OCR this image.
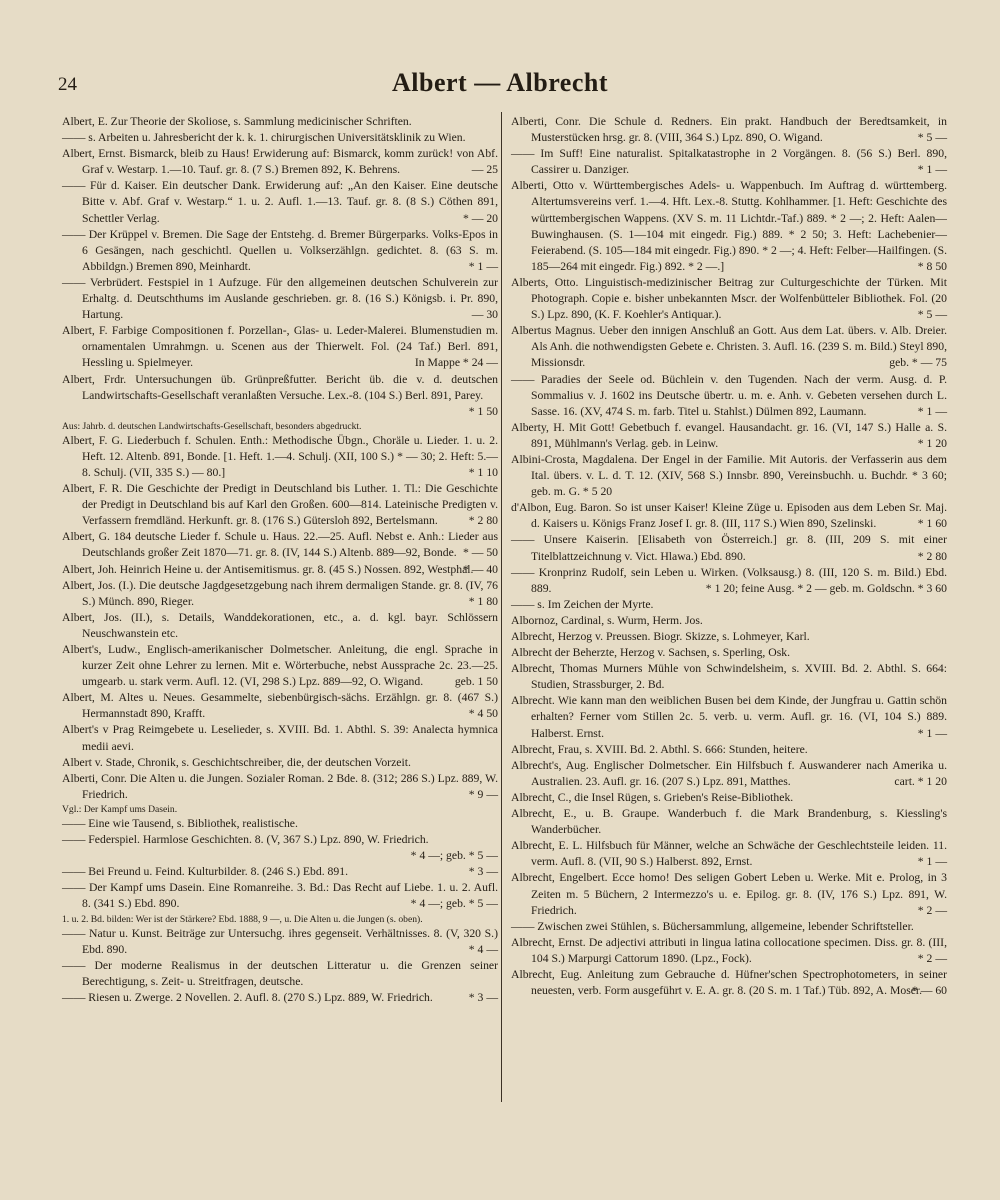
24	Albert — Albrecht

Albert, E. Zur Theorie der Skoliose, s. Sammlung medicinischer Schriften.

—— s. Arbeiten u. Jahresbericht der k. k. 1. chirurgischen Universitätsklinik zu Wien.

Albert, Ernst. Bismarck, bleib zu Haus! Erwiderung auf: Bismarck, komm zurück! von Abf. Graf v. Westarp. 1.—10. Tauf. gr. 8. (7 S.) Bremen 892, K. Behrens.	— 25

—— Für d. Kaiser. Ein deutscher Dank. Erwiderung auf: „An den Kaiser. Eine deutsche Bitte v. Abf. Graf v. Westarp.“ 1. u. 2. Aufl. 1.—13. Tauf. gr. 8. (8 S.) Cöthen 891, Schettler Verlag.	* — 20

—— Der Krüppel v. Bremen. Die Sage der Entstehg. d. Bremer Bürgerparks. Volks-Epos in 6 Gesängen, nach geschichtl. Quellen u. Volkserzählgn. gedichtet. 8. (63 S. m. Abbildgn.) Bremen 890, Meinhardt.	* 1 —

—— Verbrüdert. Festspiel in 1 Aufzuge. Für den allgemeinen deutschen Schulverein zur Erhaltg. d. Deutschthums im Auslande geschrieben. gr. 8. (16 S.) Königsb. i. Pr. 890, Hartung.	— 30

Albert, F. Farbige Compositionen f. Porzellan-, Glas- u. Leder-Malerei. Blumenstudien m. ornamentalen Umrahmgn. u. Scenen aus der Thierwelt. Fol. (24 Taf.) Berl. 891, Hessling u. Spielmeyer.	In Mappe * 24 —

Albert, Frdr. Untersuchungen üb. Grünpreßfutter. Bericht üb. die v. d. deutschen Landwirtschafts-Gesellschaft veranlaßten Versuche. Lex.-8. (104 S.) Berl. 891, Parey.
* 1 50

Aus: Jahrb. d. deutschen Landwirtschafts-Gesellschaft, besonders abgedruckt.

Albert, F. G. Liederbuch f. Schulen. Enth.: Methodische Übgn., Choräle u. Lieder. 1. u. 2. Heft. 12. Altenb. 891, Bonde. [1. Heft. 1.—4. Schulj. (XII, 100 S.) * — 30; 2. Heft: 5.—8. Schulj. (VII, 335 S.) — 80.]	* 1 10

Albert, F. R. Die Geschichte der Predigt in Deutschland bis Luther. 1. Tl.: Die Geschichte der Predigt in Deutschland bis auf Karl den Großen. 600—814. Lateinische Predigten v. Verfassern fremdländ. Herkunft. gr. 8. (176 S.) Gütersloh 892, Bertelsmann.	* 2 80

Albert, G. 184 deutsche Lieder f. Schule u. Haus. 22.—25. Aufl. Nebst e. Anh.: Lieder aus Deutschlands großer Zeit 1870—71. gr. 8. (IV, 144 S.) Altenb. 889—92, Bonde. * — 50

Albert, Joh. Heinrich Heine u. der Antisemitismus. gr. 8. (45 S.) Nossen. 892, Westphal.
* — 40

Albert, Jos. (I.). Die deutsche Jagdgesetzgebung nach ihrem dermaligen Stande. gr. 8. (IV, 76 S.) Münch. 890, Rieger.	* 1 80

Albert, Jos. (II.), s. Details, Wanddekorationen, etc., a. d. kgl. bayr. Schlössern Neuschwanstein etc.

Albert's, Ludw., Englisch-amerikanischer Dolmetscher. Anleitung, die engl. Sprache in kurzer Zeit ohne Lehrer zu lernen. Mit e. Wörterbuche, nebst Aussprache 2c. 23.—25. umgearb. u. stark verm. Aufl. 12. (VI, 298 S.) Lpz. 889—92, O. Wigand.	geb. 1 50

Albert, M. Altes u. Neues. Gesammelte, siebenbürgisch-sächs. Erzählgn. gr. 8. (467 S.) Hermannstadt 890, Krafft.	* 4 50

Albert's v Prag Reimgebete u. Leselieder, s. XVIII. Bd. 1. Abthl. S. 39: Analecta hymnica medii aevi.

Albert v. Stade, Chronik, s. Geschichtschreiber, die, der deutschen Vorzeit.

Alberti, Conr. Die Alten u. die Jungen. Sozialer Roman. 2 Bde. 8. (312; 286 S.) Lpz. 889, W. Friedrich.	* 9 —

Vgl.: Der Kampf ums Dasein.

—— Eine wie Tausend, s. Bibliothek, realistische.

—— Federspiel. Harmlose Geschichten. 8. (V, 367 S.) Lpz. 890, W. Friedrich.
* 4 —; geb. * 5 —

—— Bei Freund u. Feind. Kulturbilder. 8. (246 S.) Ebd. 891.	* 3 —

—— Der Kampf ums Dasein. Eine Romanreihe. 3. Bd.: Das Recht auf Liebe. 1. u. 2. Aufl. 8. (341 S.) Ebd. 890.	* 4 —; geb. * 5 —

1. u. 2. Bd. bilden: Wer ist der Stärkere? Ebd. 1888, 9 —, u. Die Alten u. die Jungen (s. oben).

—— Natur u. Kunst. Beiträge zur Untersuchg. ihres gegenseit. Verhältnisses. 8. (V, 320 S.) Ebd. 890.	* 4 —

—— Der moderne Realismus in der deutschen Litteratur u. die Grenzen seiner Berechtigung, s. Zeit- u. Streitfragen, deutsche.

—— Riesen u. Zwerge. 2 Novellen. 2. Aufl. 8. (270 S.) Lpz. 889, W. Friedrich.	* 3 —

Alberti, Conr. Die Schule d. Redners. Ein prakt. Handbuch der Beredtsamkeit, in Musterstücken hrsg. gr. 8. (VIII, 364 S.) Lpz. 890, O. Wigand.	* 5 —

—— Im Suff! Eine naturalist. Spitalkatastrophe in 2 Vorgängen. 8. (56 S.) Berl. 890, Cassirer u. Danziger.	* 1 —

Alberti, Otto v. Württembergisches Adels- u. Wappenbuch. Im Auftrag d. württemberg. Altertumsvereins verf. 1.—4. Hft. Lex.-8. Stuttg. Kohlhammer. [1. Heft: Geschichte des württembergischen Wappens. (XV S. m. 11 Lichtdr.-Taf.) 889. * 2 —; 2. Heft: Aalen—Buwinghausen. (S. 1—104 mit eingedr. Fig.) 889. * 2 50; 3. Heft: Lachebenier—Feierabend. (S. 105—184 mit eingedr. Fig.) 890. * 2 —; 4. Heft: Felber—Hailfingen. (S. 185—264 mit eingedr. Fig.) 892. * 2 —.]	* 8 50

Alberts, Otto. Linguistisch-medizinischer Beitrag zur Culturgeschichte der Türken. Mit Photograph. Copie e. bisher unbekannten Mscr. der Wolfenbütteler Bibliothek. Fol. (20 S.) Lpz. 890, (K. F. Koehler's Antiquar.).	* 5 —

Albertus Magnus. Ueber den innigen Anschluß an Gott. Aus dem Lat. übers. v. Alb. Dreier. Als Anh. die nothwendigsten Gebete e. Christen. 3. Aufl. 16. (239 S. m. Bild.) Steyl 890, Missionsdr.	geb. * — 75

—— Paradies der Seele od. Büchlein v. den Tugenden. Nach der verm. Ausg. d. P. Sommalius v. J. 1602 ins Deutsche übertr. u. m. e. Anh. v. Gebeten versehen durch L. Sasse. 16. (XV, 474 S. m. farb. Titel u. Stahlst.) Dülmen 892, Laumann.	* 1 —

Alberty, H. Mit Gott! Gebetbuch f. evangel. Hausandacht. gr. 16. (VI, 147 S.) Halle a. S. 891, Mühlmann's Verlag. geb. in Leinw.	* 1 20

Albini-Crosta, Magdalena. Der Engel in der Familie. Mit Autoris. der Verfasserin aus dem Ital. übers. v. L. d. T. 12. (XIV, 568 S.) Innsbr. 890, Vereinsbuchh. u. Buchdr. * 3 60; geb. m. G. * 5 20

d'Albon, Eug. Baron. So ist unser Kaiser! Kleine Züge u. Episoden aus dem Leben Sr. Maj. d. Kaisers u. Königs Franz Josef I. gr. 8. (III, 117 S.) Wien 890, Szelinski.	* 1 60

—— Unsere Kaiserin. [Elisabeth von Österreich.] gr. 8. (III, 209 S. mit einer Titelblattzeichnung v. Vict. Hlawa.) Ebd. 890.	* 2 80

—— Kronprinz Rudolf, sein Leben u. Wirken. (Volksausg.) 8. (III, 120 S. m. Bild.) Ebd. 889.	* 1 20; feine Ausg. * 2 — geb. m. Goldschn. * 3 60

—— s. Im Zeichen der Myrte.

Albornoz, Cardinal, s. Wurm, Herm. Jos.

Albrecht, Herzog v. Preussen. Biogr. Skizze, s. Lohmeyer, Karl.

Albrecht der Beherzte, Herzog v. Sachsen, s. Sperling, Osk.

Albrecht, Thomas Murners Mühle von Schwindelsheim, s. XVIII. Bd. 2. Abthl. S. 664: Studien, Strassburger, 2. Bd.

Albrecht. Wie kann man den weiblichen Busen bei dem Kinde, der Jungfrau u. Gattin schön erhalten? Ferner vom Stillen 2c. 5. verb. u. verm. Aufl. gr. 16. (VI, 104 S.) 889. Halberst. Ernst.	* 1 —

Albrecht, Frau, s. XVIII. Bd. 2. Abthl. S. 666: Stunden, heitere.

Albrecht's, Aug. Englischer Dolmetscher. Ein Hilfsbuch f. Auswanderer nach Amerika u. Australien. 23. Aufl. gr. 16. (207 S.) Lpz. 891, Matthes.	cart. * 1 20

Albrecht, C., die Insel Rügen, s. Grieben's Reise-Bibliothek.

Albrecht, E., u. B. Graupe. Wanderbuch f. die Mark Brandenburg, s. Kiessling's Wanderbücher.

Albrecht, E. L. Hilfsbuch für Männer, welche an Schwäche der Geschlechtsteile leiden. 11. verm. Aufl. 8. (VII, 90 S.) Halberst. 892, Ernst.	* 1 —

Albrecht, Engelbert. Ecce homo! Des seligen Gobert Leben u. Werke. Mit e. Prolog, in 3 Zeiten m. 5 Büchern, 2 Intermezzo's u. e. Epilog. gr. 8. (IV, 176 S.) Lpz. 891, W. Friedrich.	* 2 —

—— Zwischen zwei Stühlen, s. Büchersammlung, allgemeine, lebender Schriftsteller.

Albrecht, Ernst. De adjectivi attributi in lingua latina collocatione specimen. Diss. gr. 8. (III, 104 S.) Marpurgi Cattorum 1890. (Lpz., Fock).	* 2 —

Albrecht, Eug. Anleitung zum Gebrauche d. Hüfner'schen Spectrophotometers, in seiner neuesten, verb. Form ausgeführt v. E. A. gr. 8. (20 S. m. 1 Taf.) Tüb. 892, A. Moser.
* — 60
